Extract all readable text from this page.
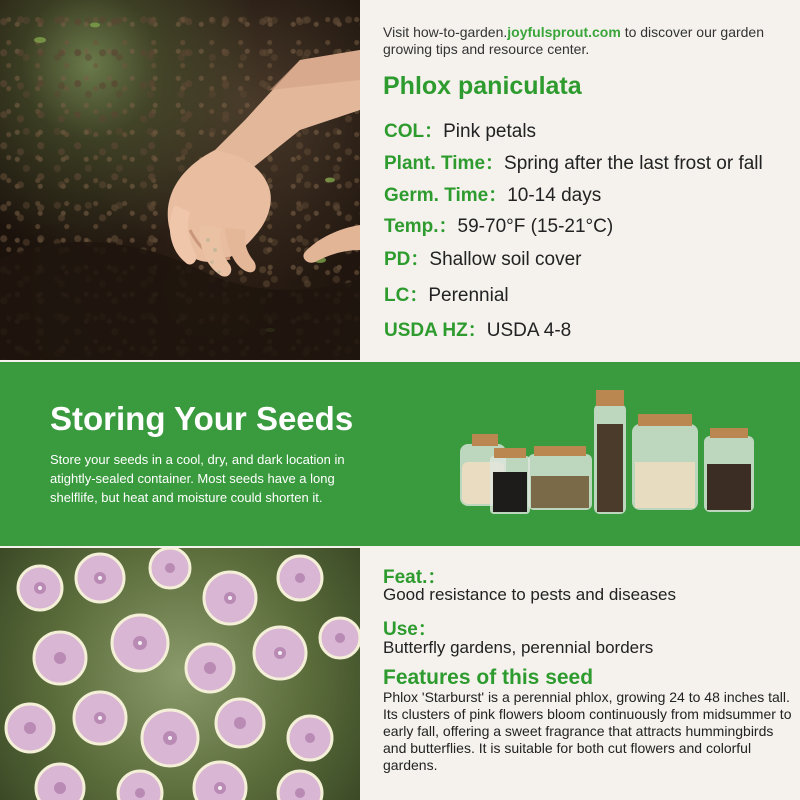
Visit how-to-garden.joyfulsprout.com to discover our garden growing tips and resource center.
Phlox paniculata
COL：Pink petals
Plant. Time：Spring after the last frost or fall
Germ. Time：10-14 days
Temp.：59-70°F (15-21°C)
PD：Shallow soil cover
LC：Perennial
USDA HZ：USDA 4-8
Storing Your Seeds
Store your seeds in a cool, dry, and dark location in atightly-sealed container. Most seeds have a long shelflife, but heat and moisture could shorten it.
Feat.：
Good resistance to pests and diseases
Use：
Butterfly gardens, perennial borders
Features of this seed
Phlox 'Starburst' is a perennial phlox, growing 24 to 48 inches tall. Its clusters of pink flowers bloom continuously from midsummer to early fall, offering a sweet fragrance that attracts hummingbirds and butterflies. It is suitable for both cut flowers and colorful gardens.
